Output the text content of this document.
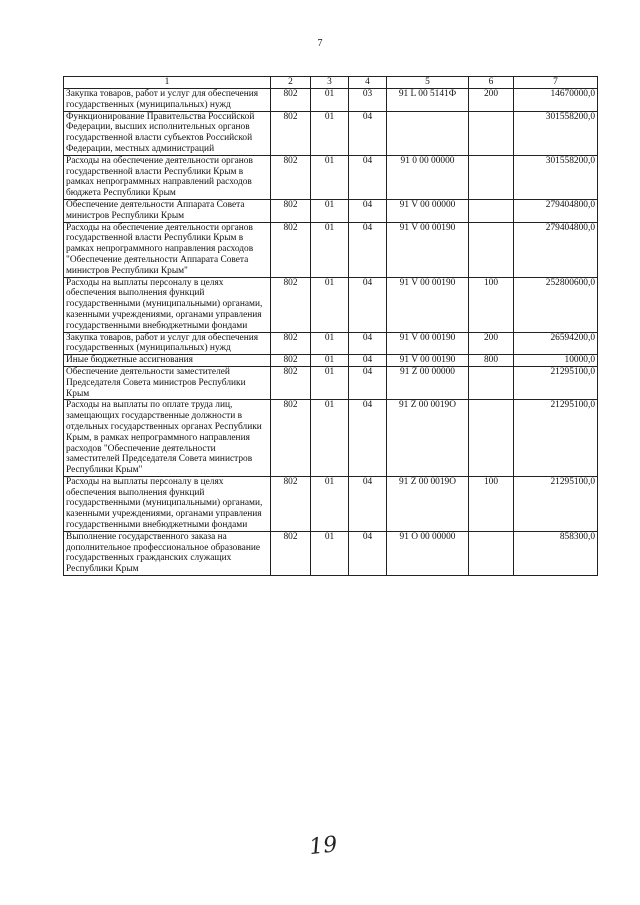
7
1	2	3	4	5	6	7
Закупка товаров, работ и услуг для обеспечения государственных (муниципальных) нужд	802	01	03	91 L 00 5141Ф	200	14670000,0
Функционирование Правительства Российской Федерации, высших исполнительных органов государственной власти субъектов Российской Федерации, местных администраций	802	01	04			301558200,0
Расходы на обеспечение деятельности органов государственной власти Республики Крым в рамках непрограммных направлений расходов бюджета Республики Крым	802	01	04	91 0 00 00000		301558200,0
Обеспечение деятельности Аппарата Совета министров Республики Крым	802	01	04	91 V 00 00000		279404800,0
Расходы на обеспечение деятельности органов государственной власти Республики Крым в рамках непрограммного направления расходов "Обеспечение деятельности Аппарата Совета министров Республики Крым"	802	01	04	91 V 00 00190		279404800,0
Расходы на выплаты персоналу в целях обеспечения выполнения функций государственными (муниципальными) органами, казенными учреждениями, органами управления государственными внебюджетными фондами	802	01	04	91 V 00 00190	100	252800600,0
Закупка товаров, работ и услуг для обеспечения государственных (муниципальных) нужд	802	01	04	91 V 00 00190	200	26594200,0
Иные бюджетные ассигнования	802	01	04	91 V 00 00190	800	10000,0
Обеспечение деятельности заместителей Председателя Совета министров Республики Крым	802	01	04	91 Z 00 00000		21295100,0
Расходы на выплаты по оплате труда лиц, замещающих государственные должности в отдельных государственных органах Республики Крым, в рамках непрограммного направления расходов "Обеспечение деятельности заместителей Председателя Совета министров Республики Крым"	802	01	04	91 Z 00 0019O		21295100,0
Расходы на выплаты персоналу в целях обеспечения выполнения функций государственными (муниципальными) органами, казенными учреждениями, органами управления государственными внебюджетными фондами	802	01	04	91 Z 00 0019O	100	21295100,0
Выполнение государственного заказа на дополнительное профессиональное образование государственных гражданских служащих Республики Крым	802	01	04	91 O 00 00000		858300,0
19
